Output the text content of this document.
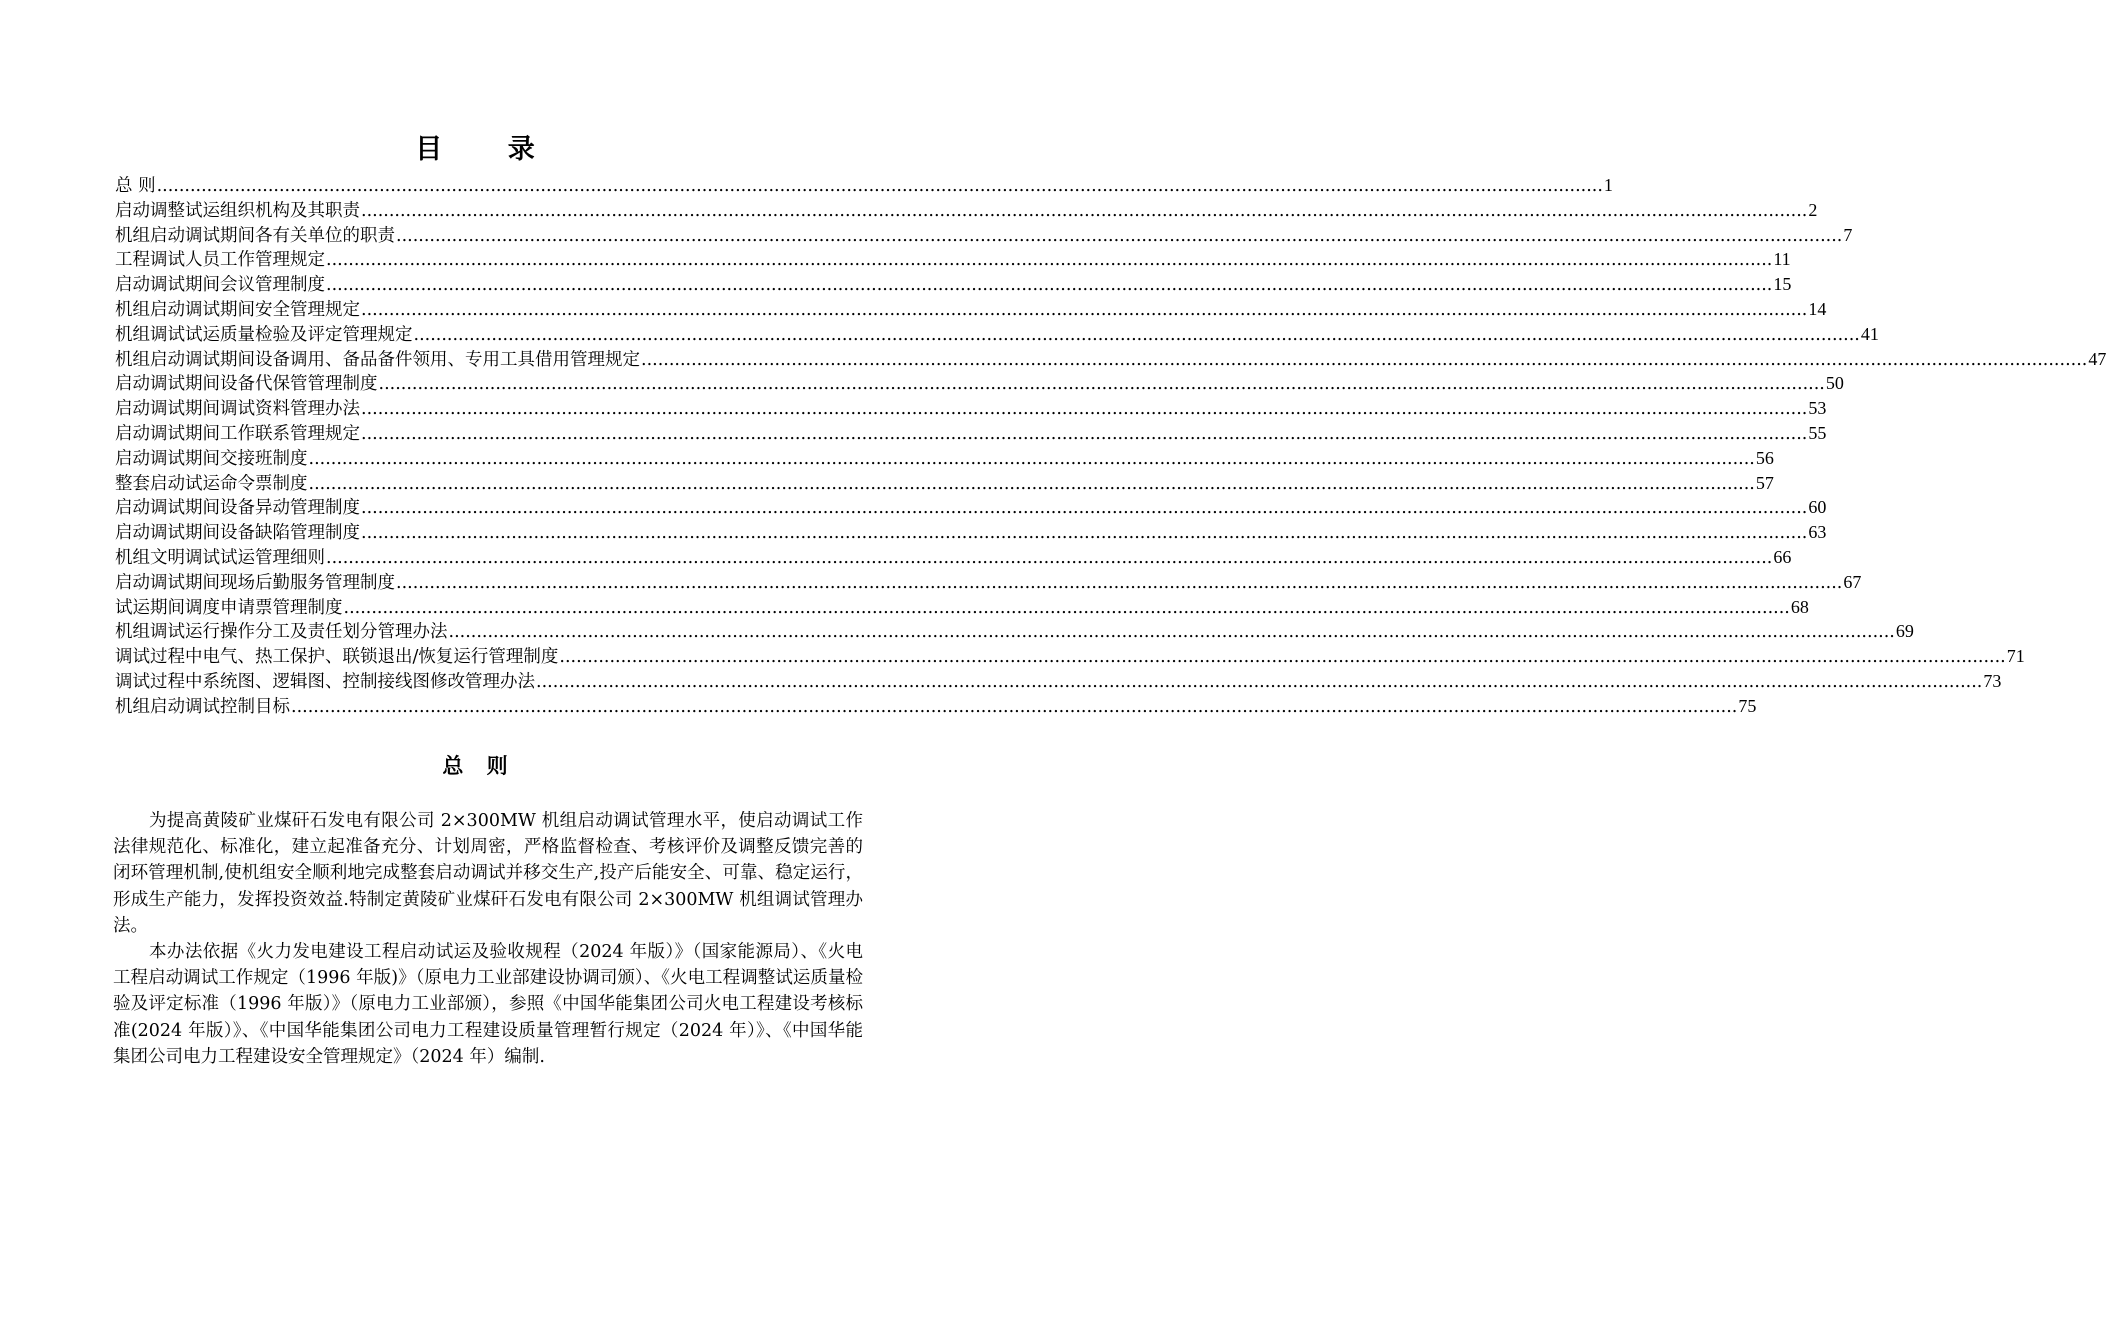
目 录
总 则 .................................................................................................................................................................................................................................................................... 1
启动调整试运组织机构及其职责 .................................................................................................................................................................................................................................................................... 2
机组启动调试期间各有关单位的职责 .................................................................................................................................................................................................................................................................... 7
工程调试人员工作管理规定 .................................................................................................................................................................................................................................................................... 11
启动调试期间会议管理制度 .................................................................................................................................................................................................................................................................... 15
机组启动调试期间安全管理规定 .................................................................................................................................................................................................................................................................... 14
机组调试试运质量检验及评定管理规定 .................................................................................................................................................................................................................................................................... 41
机组启动调试期间设备调用、备品备件领用、专用工具借用管理规定 .................................................................................................................................................................................................................................................................... 47
启动调试期间设备代保管管理制度 .................................................................................................................................................................................................................................................................... 50
启动调试期间调试资料管理办法 .................................................................................................................................................................................................................................................................... 53
启动调试期间工作联系管理规定 .................................................................................................................................................................................................................................................................... 55
启动调试期间交接班制度 .................................................................................................................................................................................................................................................................... 56
整套启动试运命令票制度 .................................................................................................................................................................................................................................................................... 57
启动调试期间设备异动管理制度 .................................................................................................................................................................................................................................................................... 60
启动调试期间设备缺陷管理制度 .................................................................................................................................................................................................................................................................... 63
机组文明调试试运管理细则 .................................................................................................................................................................................................................................................................... 66
启动调试期间现场后勤服务管理制度 .................................................................................................................................................................................................................................................................... 67
试运期间调度申请票管理制度 .................................................................................................................................................................................................................................................................... 68
机组调试运行操作分工及责任划分管理办法 .................................................................................................................................................................................................................................................................... 69
调试过程中电气、热工保护、联锁退出/恢复运行管理制度 .................................................................................................................................................................................................................................................................... 71
调试过程中系统图、逻辑图、控制接线图修改管理办法 .................................................................................................................................................................................................................................................................... 73
机组启动调试控制目标 .................................................................................................................................................................................................................................................................... 75
总 则

为提高黄陵矿业煤矸石发电有限公司 2×300MW 机组启动调试管理水平，使启动调试工作法律规范化、标准化，建立起准备充分、计划周密，严格监督检查、考核评价及调整反馈完善的闭环管理机制,使机组安全顺利地完成整套启动调试并移交生产,投产后能安全、可靠、稳定运行，形成生产能力，发挥投资效益.特制定黄陵矿业煤矸石发电有限公司 2×300MW 机组调试管理办法。

本办法依据《火力发电建设工程启动试运及验收规程（2024 年版）》（国家能源局）、《火电工程启动调试工作规定（1996 年版)》（原电力工业部建设协调司颁）、《火电工程调整试运质量检验及评定标准（1996 年版）》（原电力工业部颁），参照《中国华能集团公司火电工程建设考核标准(2024 年版）》、《中国华能集团公司电力工程建设质量管理暂行规定（2024 年）》、《中国华能集团公司电力工程建设安全管理规定》（2024 年）编制.
